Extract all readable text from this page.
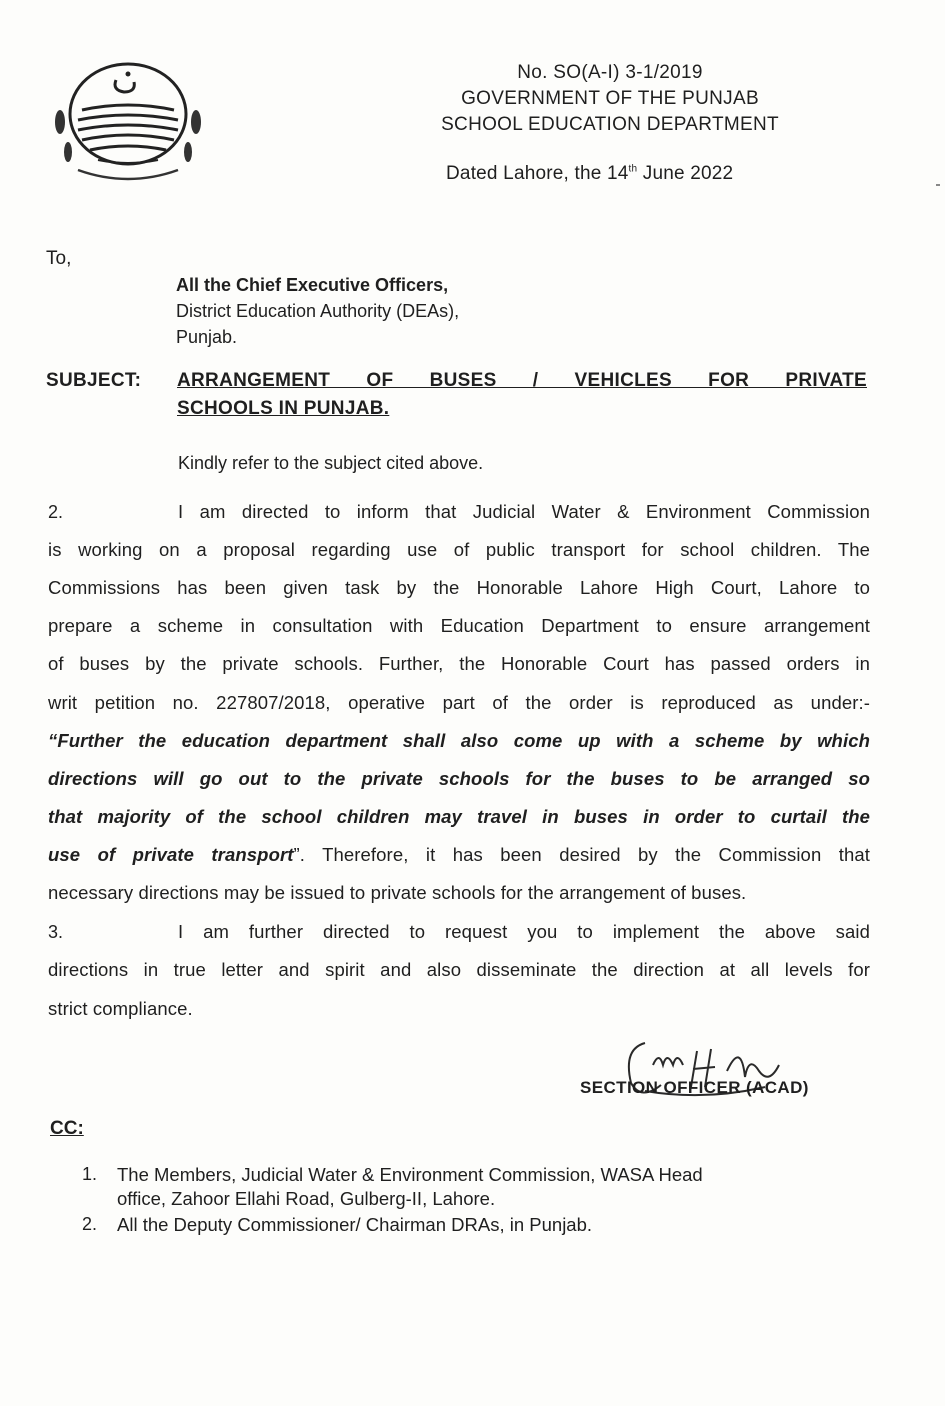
No. SO(A-I) 3-1/2019
GOVERNMENT OF THE PUNJAB
SCHOOL EDUCATION DEPARTMENT
Dated Lahore, the 14th June 2022
To,
All the Chief Executive Officers,
District Education Authority (DEAs),
Punjab.
SUBJECT: ARRANGEMENT OF BUSES / VEHICLES FOR PRIVATE
SCHOOLS IN PUNJAB.
Kindly refer to the subject cited above.
2.	I am directed to inform that Judicial Water & Environment Commission
is working on a proposal regarding use of public transport for school children. The
Commissions has been given task by the Honorable Lahore High Court, Lahore to
prepare a scheme in consultation with Education Department to ensure arrangement
of buses by the private schools. Further, the Honorable Court has passed orders in
writ petition no. 227807/2018, operative part of the order is reproduced as under:-
“Further the education department shall also come up with a scheme by which
directions will go out to the private schools for the buses to be arranged so
that majority of the school children may travel in buses in order to curtail the
use of private transport”. Therefore, it has been desired by the Commission that
necessary directions may be issued to private schools for the arrangement of buses.
3.	I am further directed to request you to implement the above said
directions in true letter and spirit and also disseminate the direction at all levels for
strict compliance.
SECTION OFFICER (ACAD)
CC:
1. The Members, Judicial Water & Environment Commission, WASA Head
office, Zahoor Ellahi Road, Gulberg-II, Lahore.
2. All the Deputy Commissioner/ Chairman DRAs, in Punjab.
